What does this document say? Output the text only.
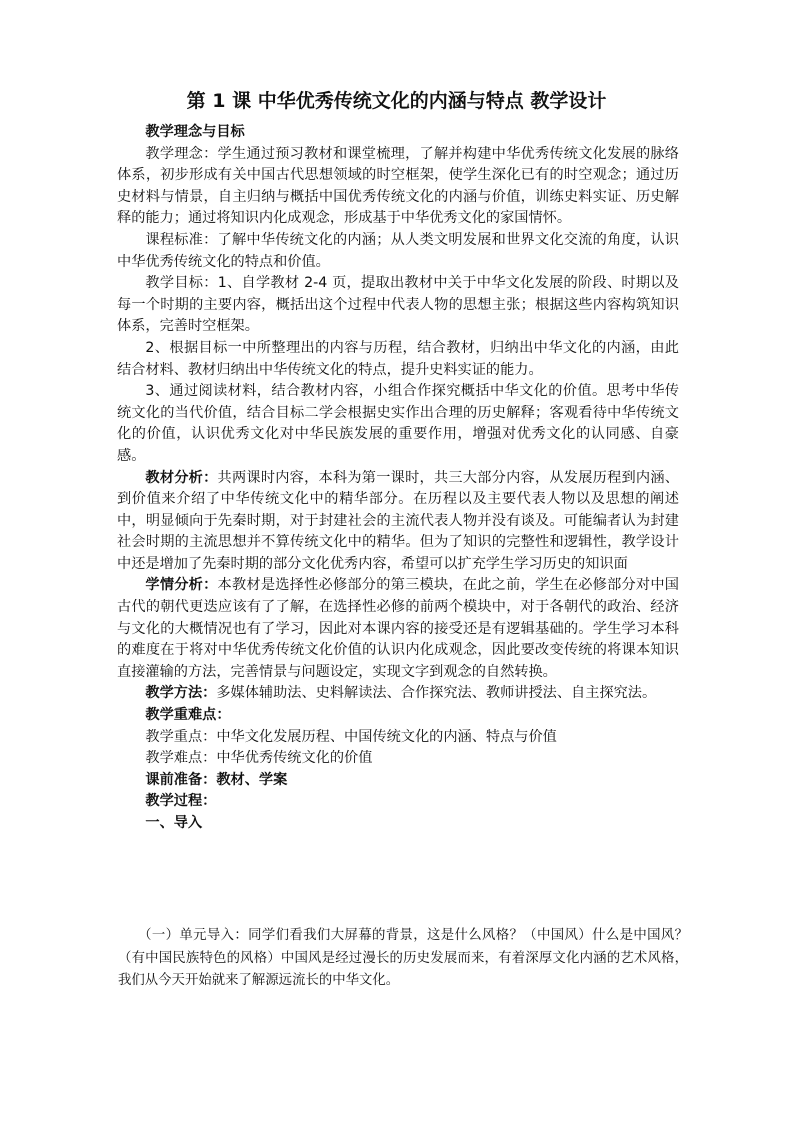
第 1 课 中华优秀传统文化的内涵与特点 教学设计

教学理念与目标

教学理念：学生通过预习教材和课堂梳理，了解并构建中华优秀传统文化发展的脉络体系，初步形成有关中国古代思想领域的时空框架，使学生深化已有的时空观念；通过历史材料与情景，自主归纳与概括中国优秀传统文化的内涵与价值，训练史料实证、历史解释的能力；通过将知识内化成观念，形成基于中华优秀文化的家国情怀。

课程标准：了解中华传统文化的内涵；从人类文明发展和世界文化交流的角度，认识中华优秀传统文化的特点和价值。

教学目标：1、自学教材 2-4 页，提取出教材中关于中华文化发展的阶段、时期以及每一个时期的主要内容，概括出这个过程中代表人物的思想主张；根据这些内容构筑知识体系，完善时空框架。

2、根据目标一中所整理出的内容与历程，结合教材，归纳出中华文化的内涵，由此结合材料、教材归纳出中华传统文化的特点，提升史料实证的能力。

3、通过阅读材料，结合教材内容，小组合作探究概括中华文化的价值。思考中华传统文化的当代价值，结合目标二学会根据史实作出合理的历史解释；客观看待中华传统文化的价值，认识优秀文化对中华民族发展的重要作用，增强对优秀文化的认同感、自豪感。

教材分析：共两课时内容，本科为第一课时，共三大部分内容，从发展历程到内涵、到价值来介绍了中华传统文化中的精华部分。在历程以及主要代表人物以及思想的阐述中，明显倾向于先秦时期，对于封建社会的主流代表人物并没有谈及。可能编者认为封建社会时期的主流思想并不算传统文化中的精华。但为了知识的完整性和逻辑性，教学设计中还是增加了先秦时期的部分文化优秀内容，希望可以扩充学生学习历史的知识面

学情分析：本教材是选择性必修部分的第三模块，在此之前，学生在必修部分对中国古代的朝代更迭应该有了了解，在选择性必修的前两个模块中，对于各朝代的政治、经济与文化的大概情况也有了学习，因此对本课内容的接受还是有逻辑基础的。学生学习本科的难度在于将对中华优秀传统文化价值的认识内化成观念，因此要改变传统的将课本知识直接灌输的方法，完善情景与问题设定，实现文字到观念的自然转换。

教学方法：多媒体辅助法、史料解读法、合作探究法、教师讲授法、自主探究法。

教学重难点：

教学重点：中华文化发展历程、中国传统文化的内涵、特点与价值

教学难点：中华优秀传统文化的价值

课前准备：教材、学案

教学过程：

一、导入

（一）单元导入：同学们看我们大屏幕的背景，这是什么风格？（中国风）什么是中国风？（有中国民族特色的风格）中国风是经过漫长的历史发展而来，有着深厚文化内涵的艺术风格，我们从今天开始就来了解源远流长的中华文化。
